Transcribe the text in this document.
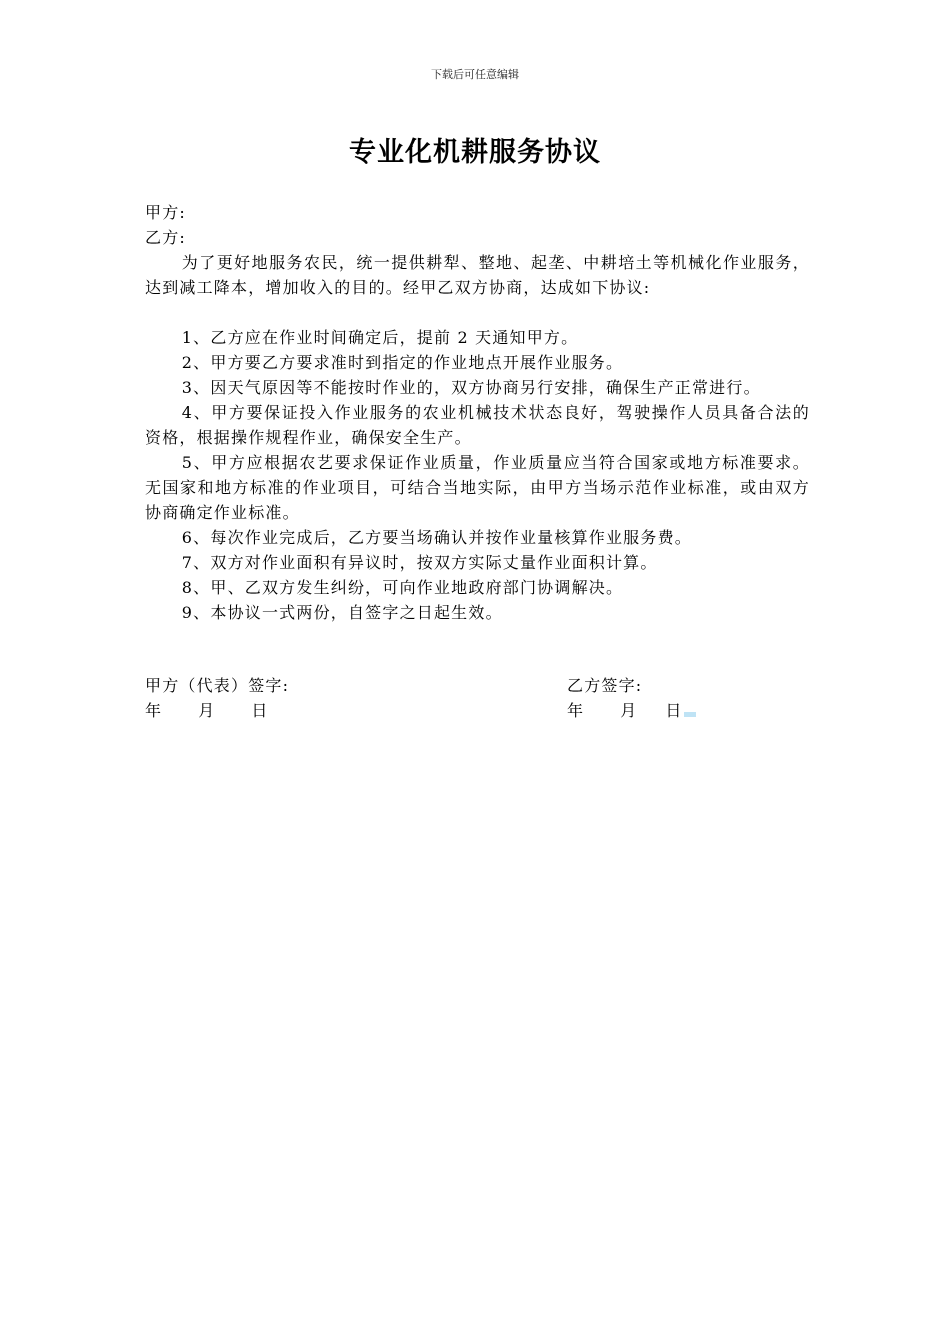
下载后可任意编辑
专业化机耕服务协议

甲方:

乙方:

为了更好地服务农民，统一提供耕犁、整地、起垄、中耕培土等机械化作业服务，达到减工降本，增加收入的目的。经甲乙双方协商，达成如下协议:

1、乙方应在作业时间确定后，提前 2 天通知甲方。

2、甲方要乙方要求准时到指定的作业地点开展作业服务。

3、因天气原因等不能按时作业的，双方协商另行安排，确保生产正常进行。

4、甲方要保证投入作业服务的农业机械技术状态良好，驾驶操作人员具备合法的资格，根据操作规程作业，确保安全生产。

5、甲方应根据农艺要求保证作业质量，作业质量应当符合国家或地方标准要求。无国家和地方标准的作业项目，可结合当地实际，由甲方当场示范作业标准，或由双方协商确定作业标准。

6、每次作业完成后，乙方要当场确认并按作业量核算作业服务费。

7、双方对作业面积有异议时，按双方实际丈量作业面积计算。

8、甲、乙双方发生纠纷，可向作业地政府部门协调解决。

9、本协议一式两份，自签字之日起生效。

甲方（代表）签字:	乙方签字:
年 月 日	年 月 日
